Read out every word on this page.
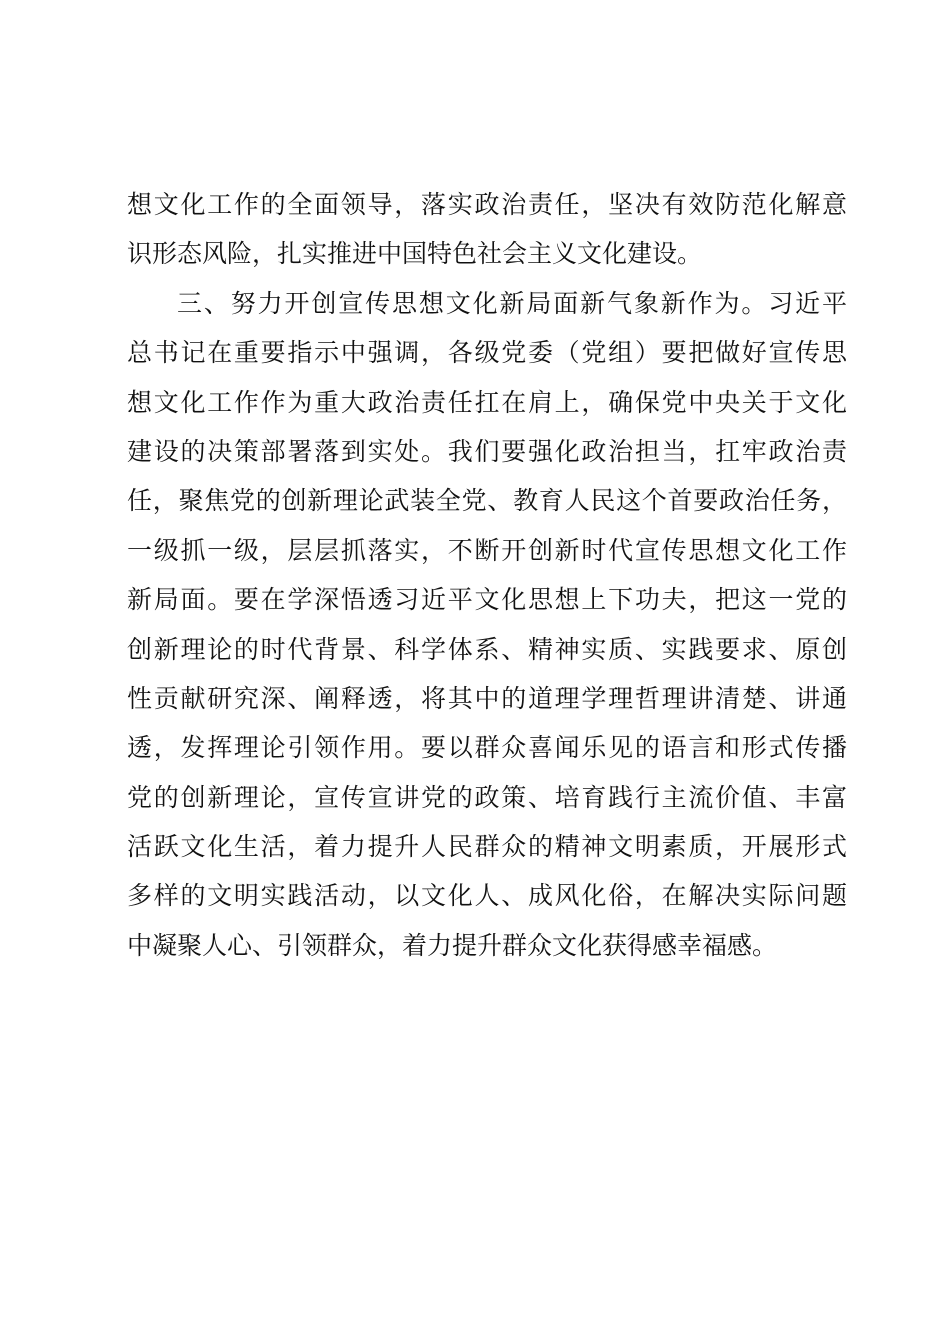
想文化工作的全面领导，落实政治责任，坚决有效防范化解意
识形态风险，扎实推进中国特色社会主义文化建设。
三、努力开创宣传思想文化新局面新气象新作为。习近平
总书记在重要指示中强调，各级党委（党组）要把做好宣传思
想文化工作作为重大政治责任扛在肩上，确保党中央关于文化
建设的决策部署落到实处。我们要强化政治担当，扛牢政治责
任，聚焦党的创新理论武装全党、教育人民这个首要政治任务，
一级抓一级，层层抓落实，不断开创新时代宣传思想文化工作
新局面。要在学深悟透习近平文化思想上下功夫，把这一党的
创新理论的时代背景、科学体系、精神实质、实践要求、原创
性贡献研究深、阐释透，将其中的道理学理哲理讲清楚、讲通
透，发挥理论引领作用。要以群众喜闻乐见的语言和形式传播
党的创新理论，宣传宣讲党的政策、培育践行主流价值、丰富
活跃文化生活，着力提升人民群众的精神文明素质，开展形式
多样的文明实践活动，以文化人、成风化俗，在解决实际问题
中凝聚人心、引领群众，着力提升群众文化获得感幸福感。
